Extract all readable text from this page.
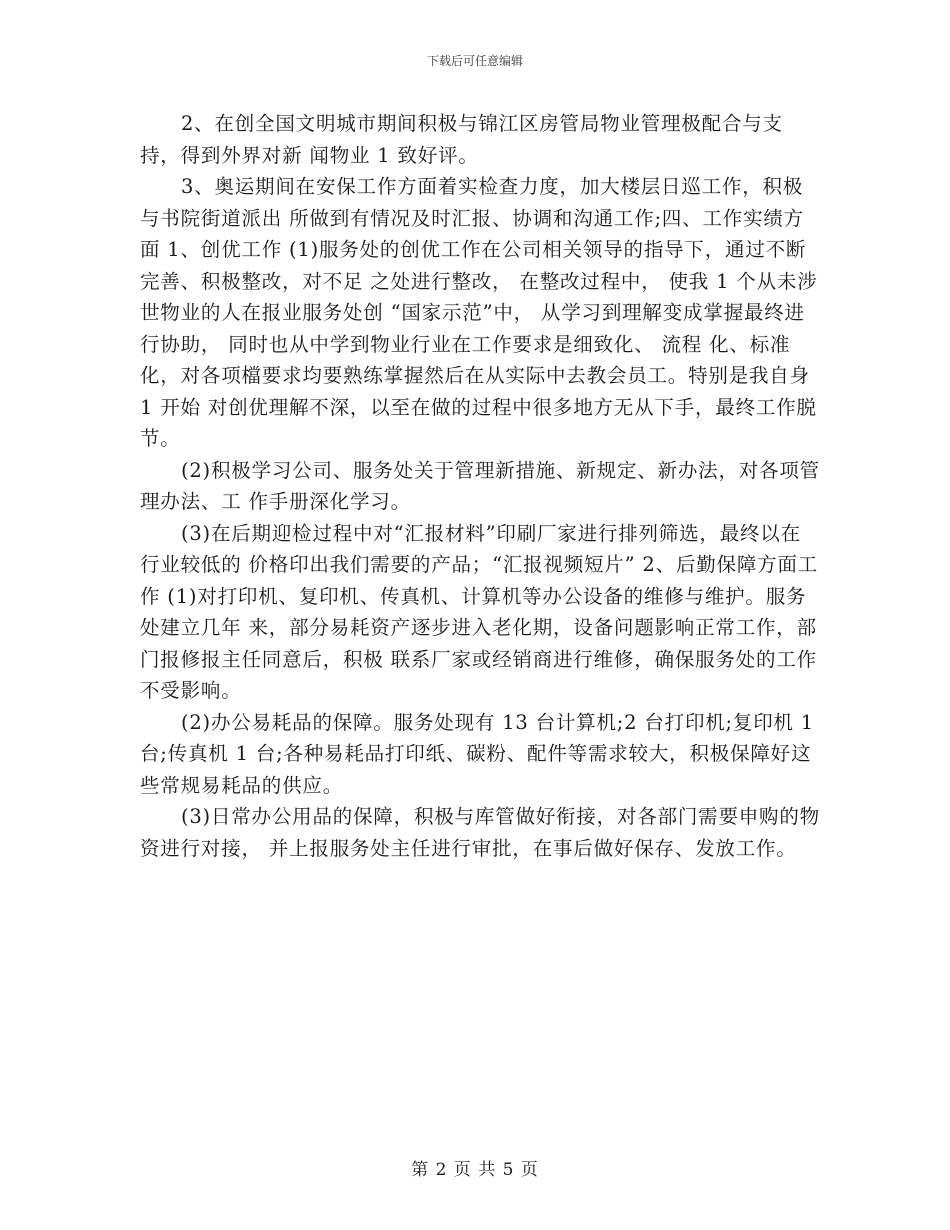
下载后可任意编辑

2、在创全国文明城市期间积极与锦江区房管局物业管理极配合与支持，得到外界对新 闻物业 1 致好评。

3、奥运期间在安保工作方面着实检查力度，加大楼层日巡工作，积极与书院街道派出 所做到有情况及时汇报、协调和沟通工作;四、工作实绩方面 1、创优工作 (1)服务处的创优工作在公司相关领导的指导下，通过不断完善、积极整改，对不足 之处进行整改， 在整改过程中， 使我 1 个从未涉世物业的人在报业服务处创 “国家示范”中， 从学习到理解变成掌握最终进行协助， 同时也从中学到物业行业在工作要求是细致化、 流程 化、标准化，对各项檔要求均要熟练掌握然后在从实际中去教会员工。特别是我自身 1 开始 对创优理解不深，以至在做的过程中很多地方无从下手，最终工作脱节。

(2)积极学习公司、服务处关于管理新措施、新规定、新办法，对各项管理办法、工 作手册深化学习。

(3)在后期迎检过程中对“汇报材料”印刷厂家进行排列筛选，最终以在行业较低的 价格印出我们需要的产品；“汇报视频短片” 2、后勤保障方面工作 (1)对打印机、复印机、传真机、计算机等办公设备的维修与维护。服务处建立几年 来，部分易耗资产逐步进入老化期，设备问题影响正常工作，部门报修报主任同意后，积极 联系厂家或经销商进行维修，确保服务处的工作不受影响。

(2)办公易耗品的保障。服务处现有 13 台计算机;2 台打印机;复印机 1 台;传真机 1 台;各种易耗品打印纸、碳粉、配件等需求较大，积极保障好这些常规易耗品的供应。

(3)日常办公用品的保障，积极与库管做好衔接，对各部门需要申购的物资进行对接， 并上报服务处主任进行审批，在事后做好保存、发放工作。

第 2 页 共 5 页
